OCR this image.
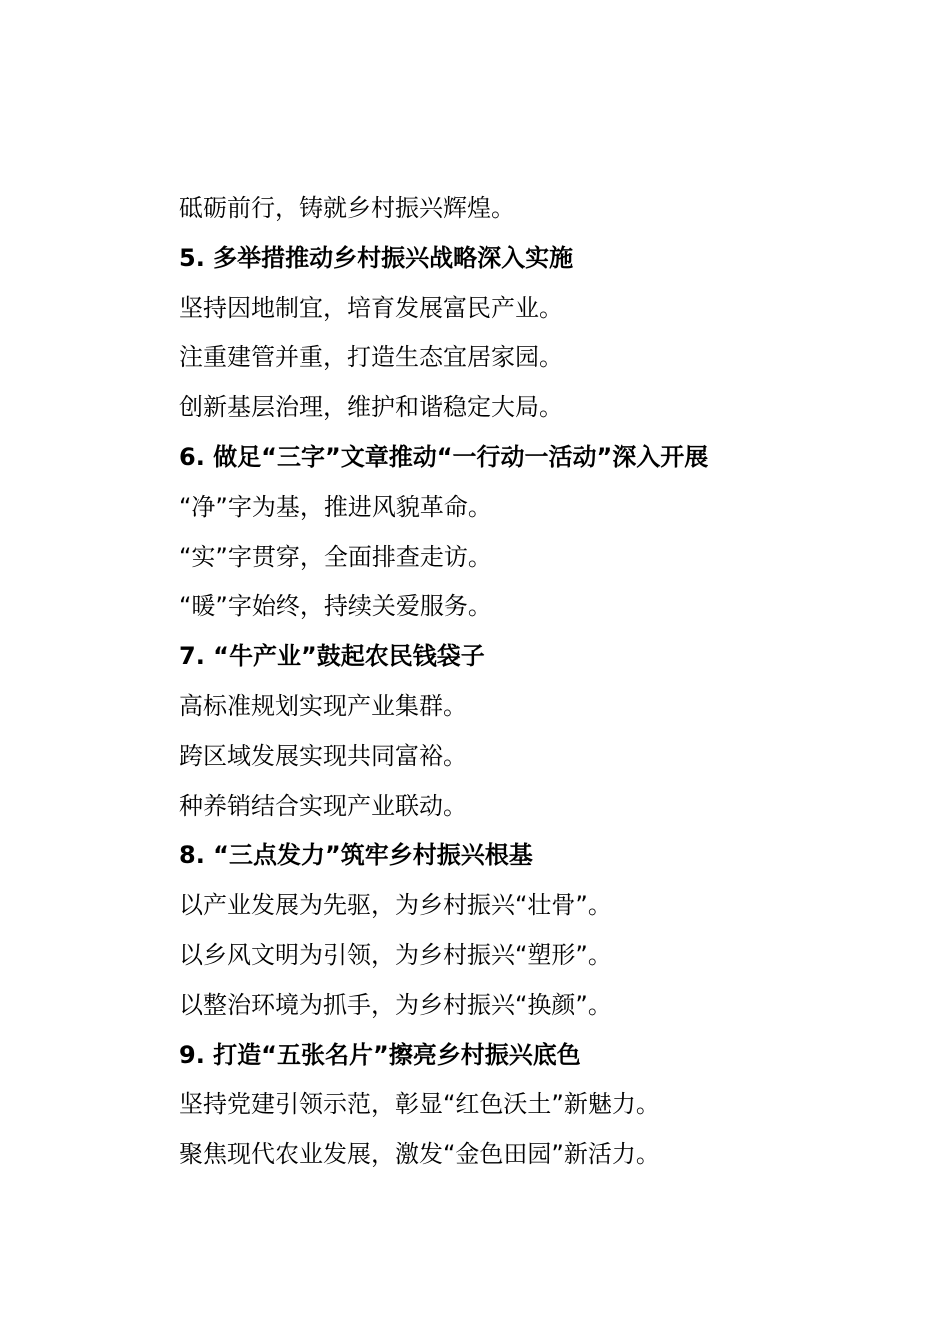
砥砺前行，铸就乡村振兴辉煌。
5. 多举措推动乡村振兴战略深入实施
坚持因地制宜，培育发展富民产业。
注重建管并重，打造生态宜居家园。
创新基层治理，维护和谐稳定大局。
6. 做足“三字”文章推动“一行动一活动”深入开展
“净”字为基，推进风貌革命。
“实”字贯穿，全面排查走访。
“暖”字始终，持续关爱服务。
7. “牛产业”鼓起农民钱袋子
高标准规划实现产业集群。
跨区域发展实现共同富裕。
种养销结合实现产业联动。
8. “三点发力”筑牢乡村振兴根基
以产业发展为先驱，为乡村振兴“壮骨”。
以乡风文明为引领，为乡村振兴“塑形”。
以整治环境为抓手，为乡村振兴“换颜”。
9. 打造“五张名片”擦亮乡村振兴底色
坚持党建引领示范，彰显“红色沃土”新魅力。
聚焦现代农业发展，激发“金色田园”新活力。
